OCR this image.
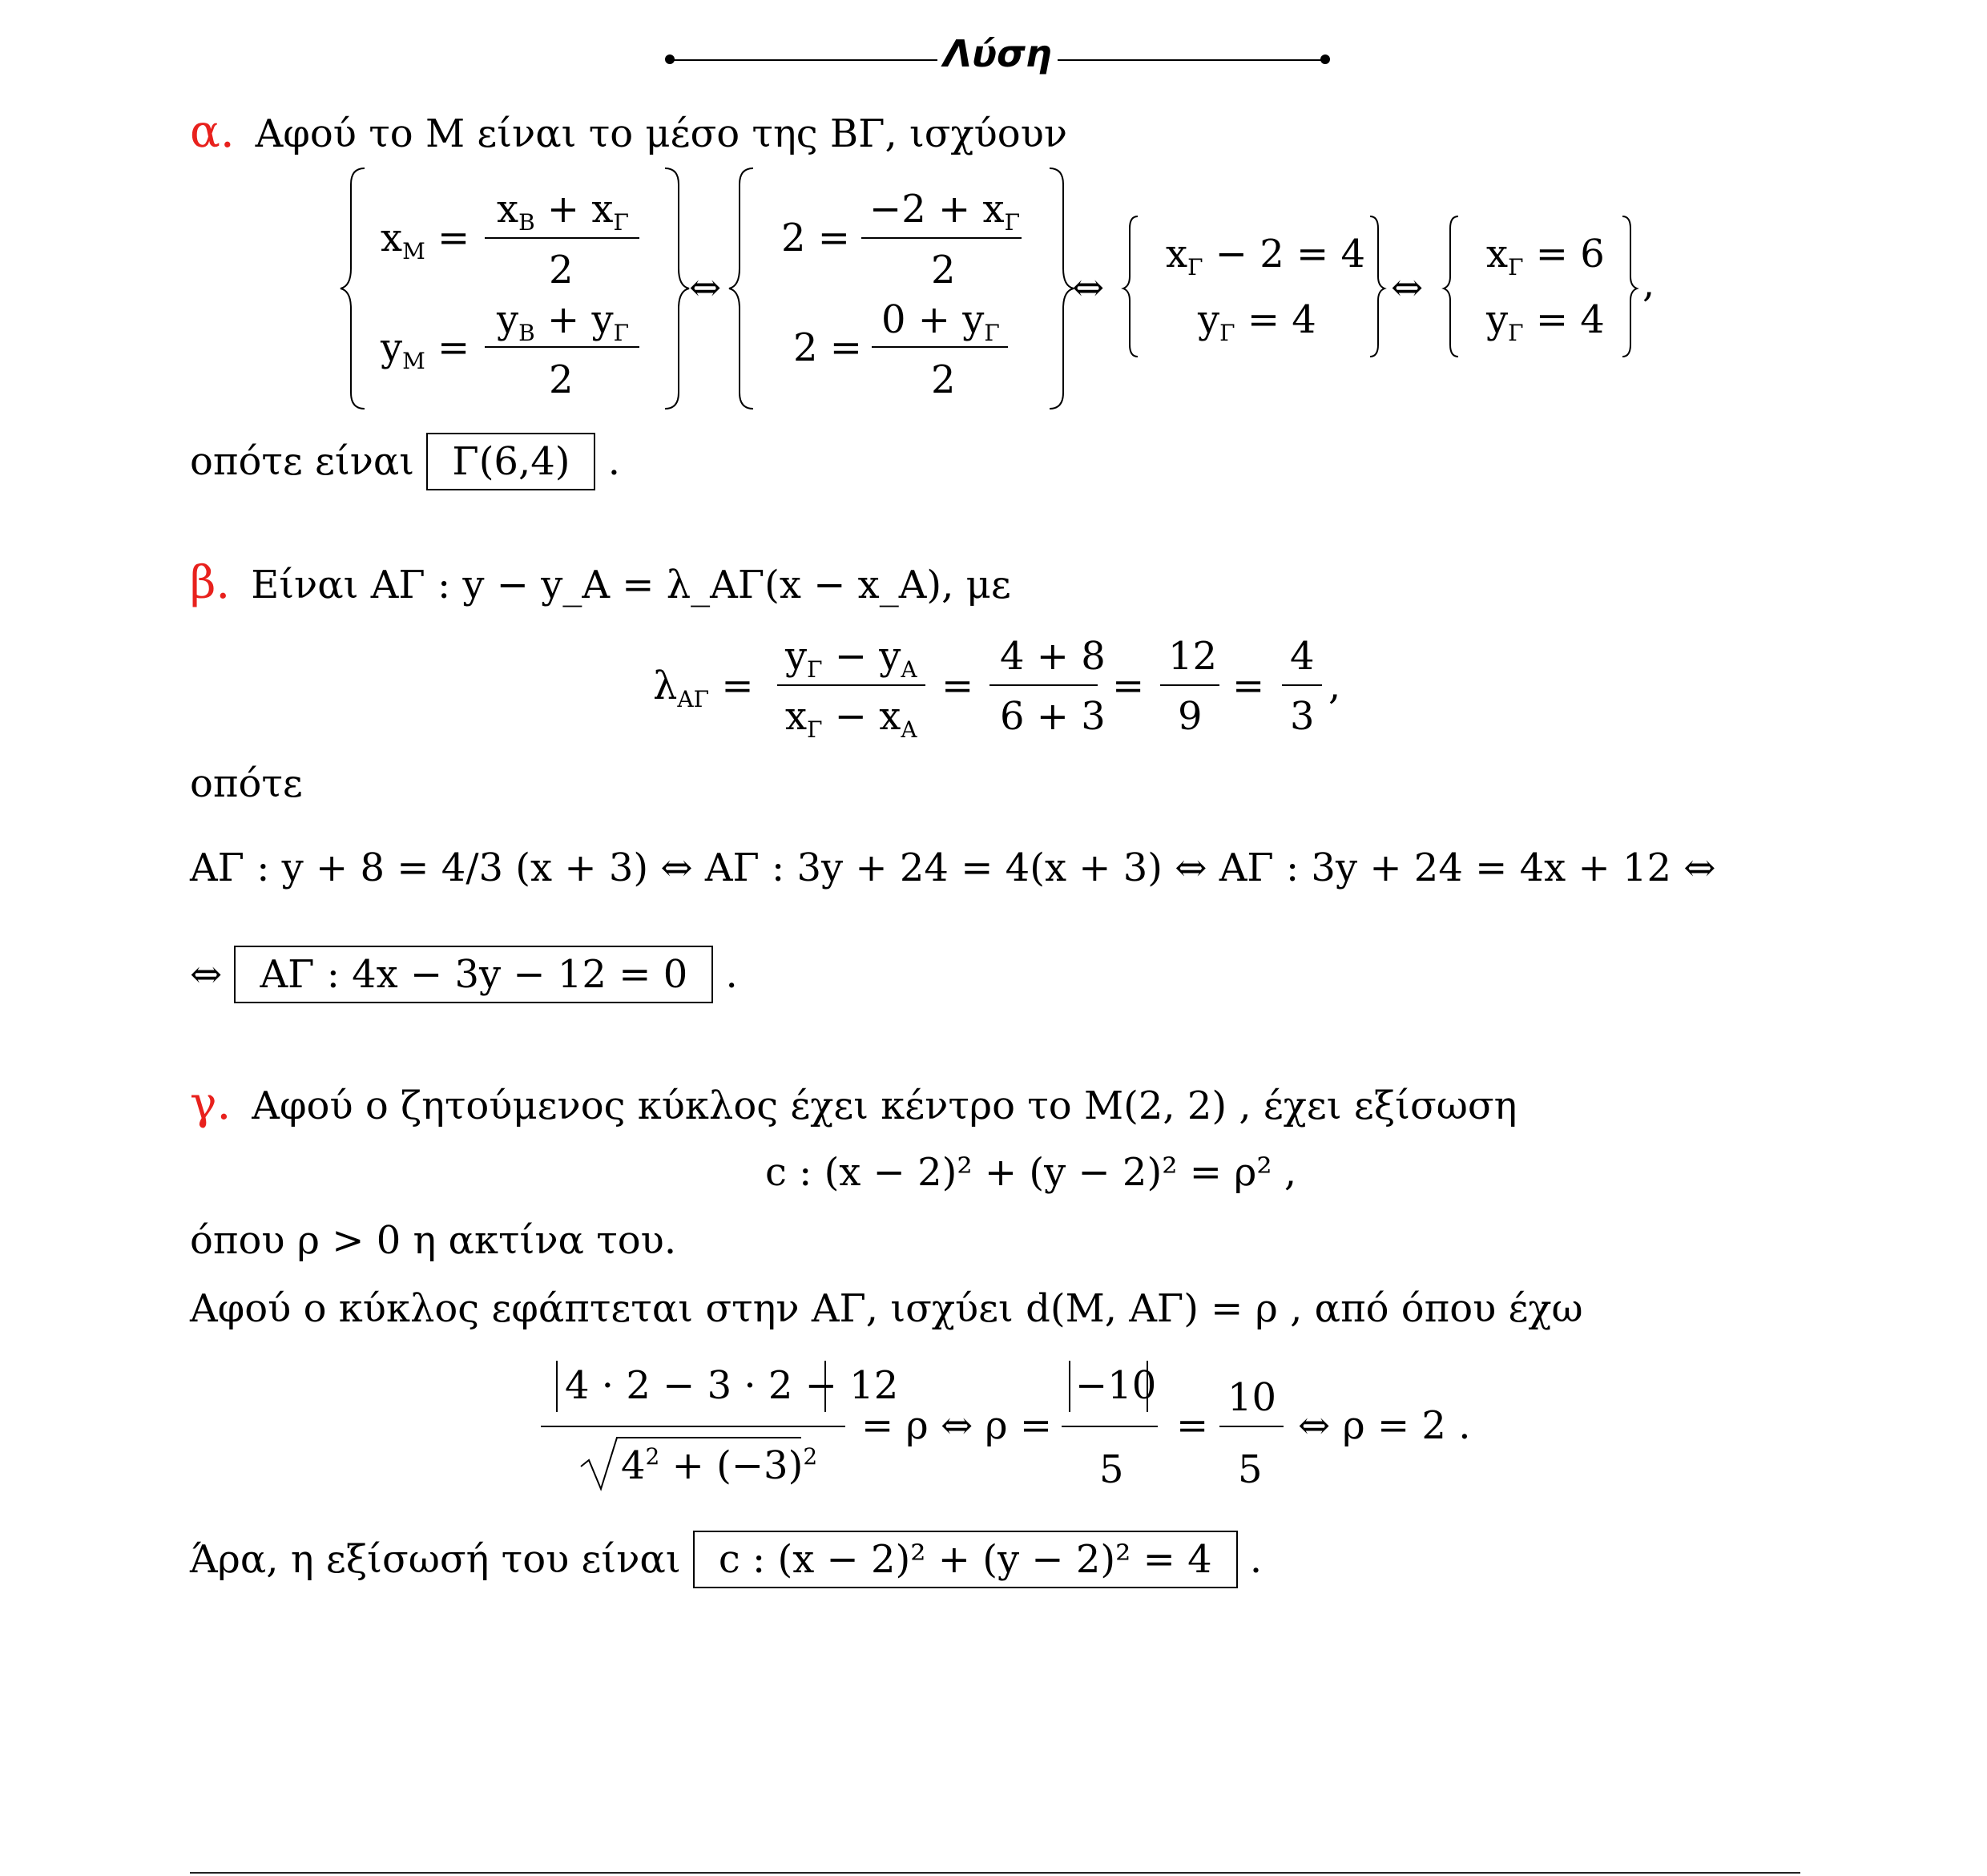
Λύση
α. Αφού το Μ είναι το μέσο της ΒΓ, ισχύουν
$x_M$ =
$x_B + x_\Gamma$
2
$y_M$ =
$y_B + y_\Gamma$
2
⇔
2 =
$-2 + x_\Gamma$
2
2 =
$0 + y_\Gamma$
2
⇔
$x_\Gamma - 2 = 4$
$y_\Gamma = 4$
⇔
$x_\Gamma = 6$
$y_\Gamma = 4$
,
οπότε είναι Γ(6,4) .
β. Είναι ΑΓ : y − y_Α = λ_ΑΓ(x − x_Α), με
$\lambda_{A\Gamma}$ =
$y_\Gamma - y_A$
$x_\Gamma - x_A$
=
4 + 8
6 + 3
=
12
9
=
4
3
,
οπότε
ΑΓ : y + 8 = 4/3 (x + 3) ⇔ ΑΓ : 3y + 24 = 4(x + 3) ⇔ ΑΓ : 3y + 24 = 4x + 12 ⇔
⇔ ΑΓ : 4x − 3y − 12 = 0 .
γ. Αφού ο ζητούμενος κύκλος έχει κέντρο το Μ(2, 2) , έχει εξίσωση
c : (x − 2)² + (y − 2)² = ρ² ,
όπου ρ > 0 η ακτίνα του.
Αφού ο κύκλος εφάπτεται στην ΑΓ, ισχύει d(Μ, ΑΓ) = ρ , από όπου έχω
4 · 2 − 3 · 2 − 12
$4^2 + (-3)^2$
= ρ ⇔ ρ =
−10
5
=
10
5
⇔ ρ = 2 .
Άρα, η εξίσωσή του είναι c : (x − 2)² + (y − 2)² = 4 .
